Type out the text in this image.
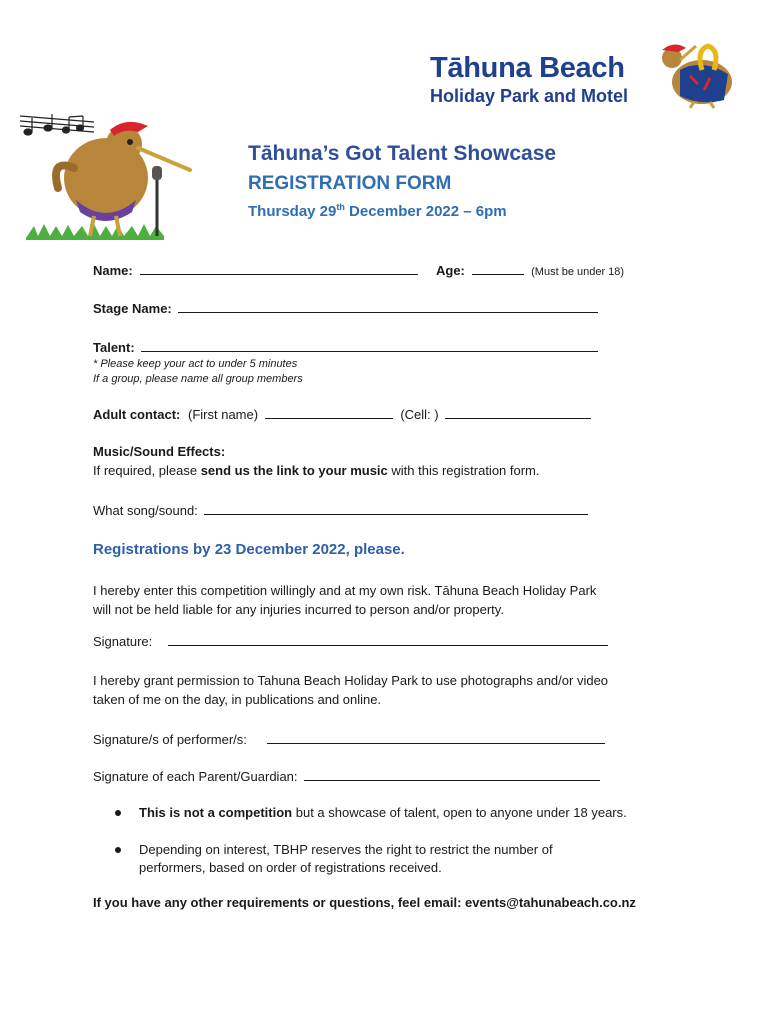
Tāhuna Beach
Holiday Park and Motel
Tāhuna’s Got Talent Showcase
REGISTRATION FORM
Thursday 29th December 2022 – 6pm
Name:	Age:	(Must be under 18)
Stage Name:
Talent:
* Please keep your act to under 5 minutes
If a group, please name all group members
Adult contact: (First name)	(Cell: )
Music/Sound Effects:
If required, please send us the link to your music with this registration form.
What song/sound:
Registrations by 23 December 2022, please.
I hereby enter this competition willingly and at my own risk. Tāhuna Beach Holiday Park
will not be held liable for any injuries incurred to person and/or property.
Signature:
I hereby grant permission to Tahuna Beach Holiday Park to use photographs and/or video
taken of me on the day, in publications and online.
Signature/s of performer/s:
Signature of each Parent/Guardian:
This is not a competition but a showcase of talent, open to anyone under 18 years.
Depending on interest, TBHP reserves the right to restrict the number of
performers, based on order of registrations received.
If you have any other requirements or questions, feel email: events@tahunabeach.co.nz
